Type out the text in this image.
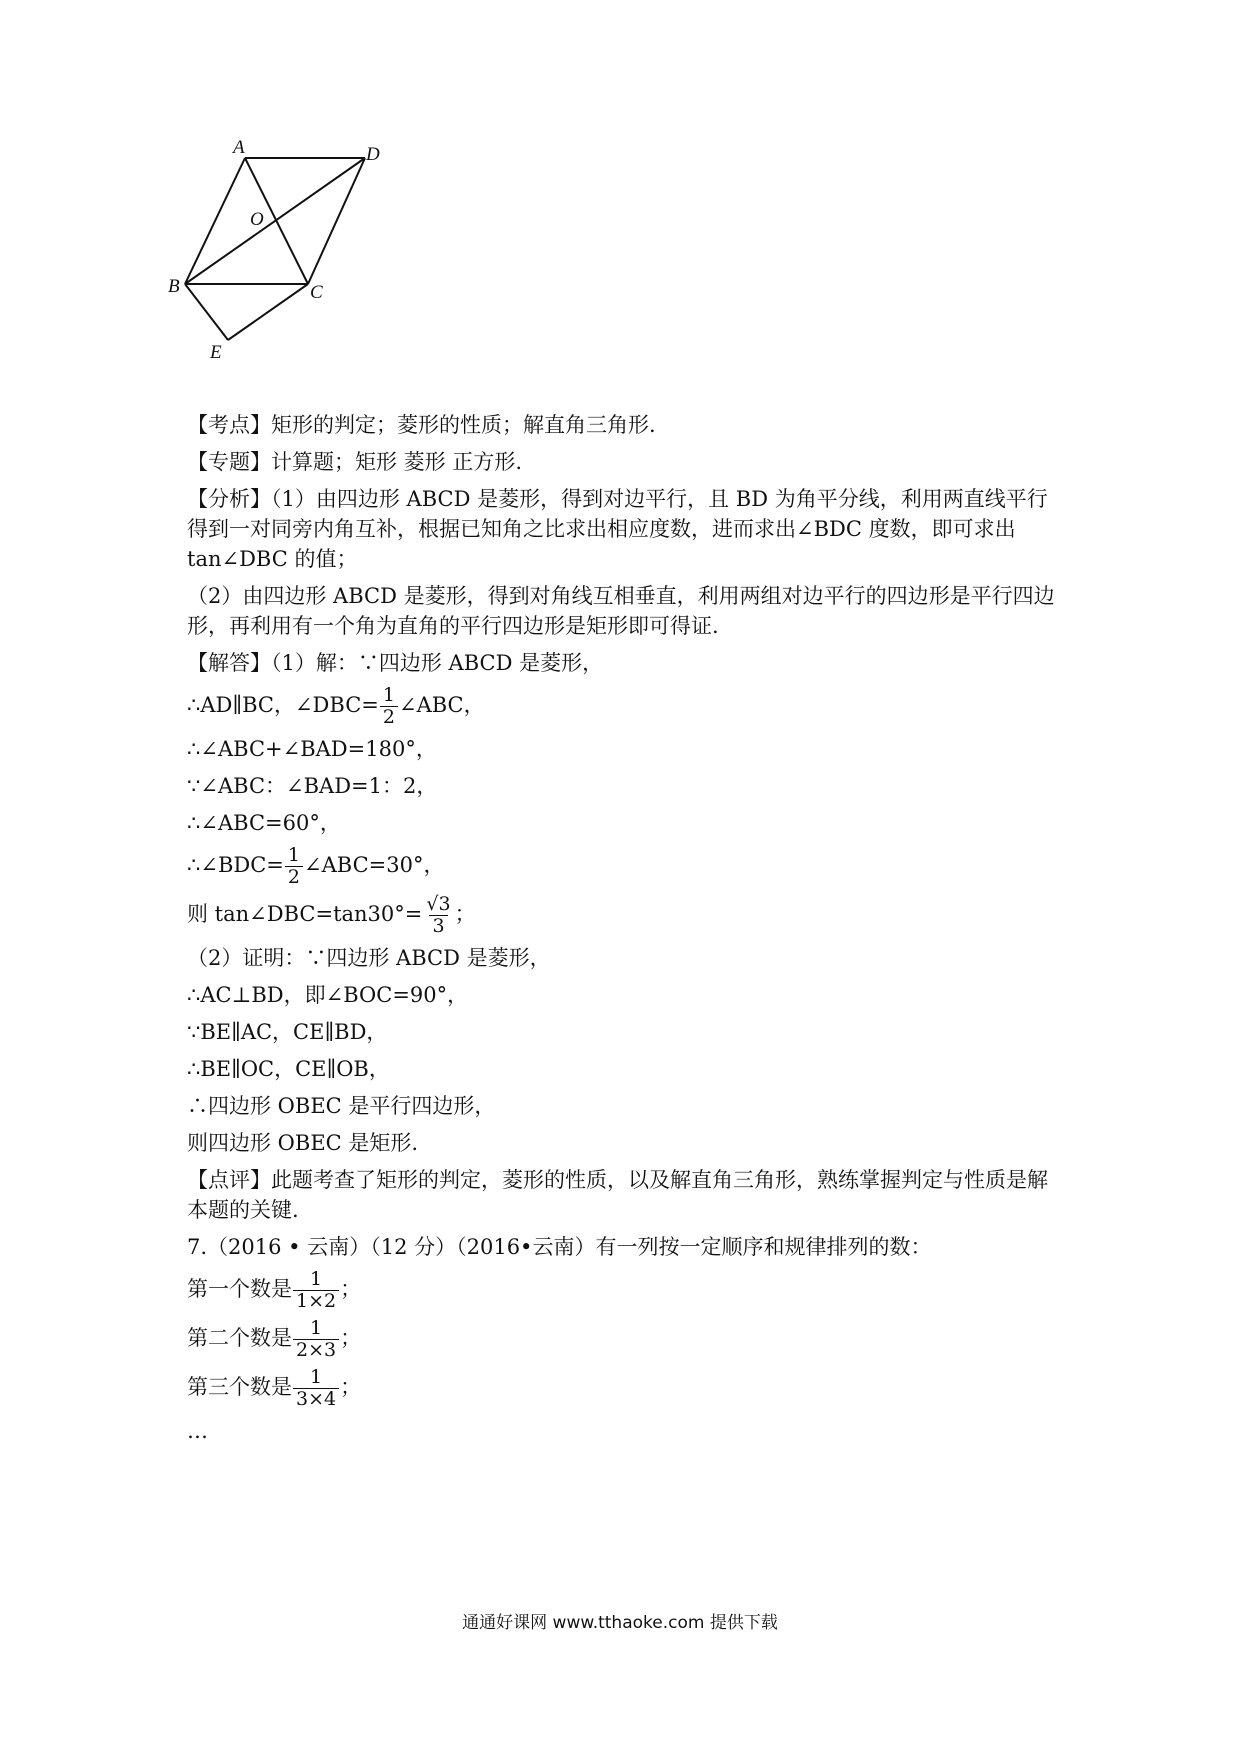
A	D
O
B	C
E

【考点】矩形的判定；菱形的性质；解直角三角形.

【专题】计算题；矩形 菱形 正方形.

【分析】（1）由四边形 ABCD 是菱形，得到对边平行，且 BD 为角平分线，利用两直线平行得到一对同旁内角互补，根据已知角之比求出相应度数，进而求出∠BDC 度数，即可求出 tan∠DBC 的值；

（2）由四边形 ABCD 是菱形，得到对角线互相垂直，利用两组对边平行的四边形是平行四边形，再利用有一个角为直角的平行四边形是矩形即可得证.

【解答】（1）解：∵四边形 ABCD 是菱形，

∴AD∥BC，∠DBC= $\frac{1}{2}$ ∠ABC，

∴∠ABC+∠BAD=180°，

∵∠ABC：∠BAD=1：2，

∴∠ABC=60°，

∴∠BDC= $\frac{1}{2}$ ∠ABC=30°，

则 tan∠DBC=tan30°= $\frac{√3}{3}$ ；

（2）证明：∵四边形 ABCD 是菱形，

∴AC⊥BD，即∠BOC=90°，

∵BE∥AC，CE∥BD，

∴BE∥OC，CE∥OB，

∴四边形 OBEC 是平行四边形，

则四边形 OBEC 是矩形.

【点评】此题考查了矩形的判定，菱形的性质，以及解直角三角形，熟练掌握判定与性质是解本题的关键.

7.（2016 • 云南）（12 分）（2016•云南）有一列按一定顺序和规律排列的数：

第一个数是 $\frac{1}{1\times 2}$ ；

第二个数是 $\frac{1}{2\times 3}$ ；

第三个数是 $\frac{1}{3\times 4}$ ；

…

通通好课网 www.tthaoke.com 提供下载
